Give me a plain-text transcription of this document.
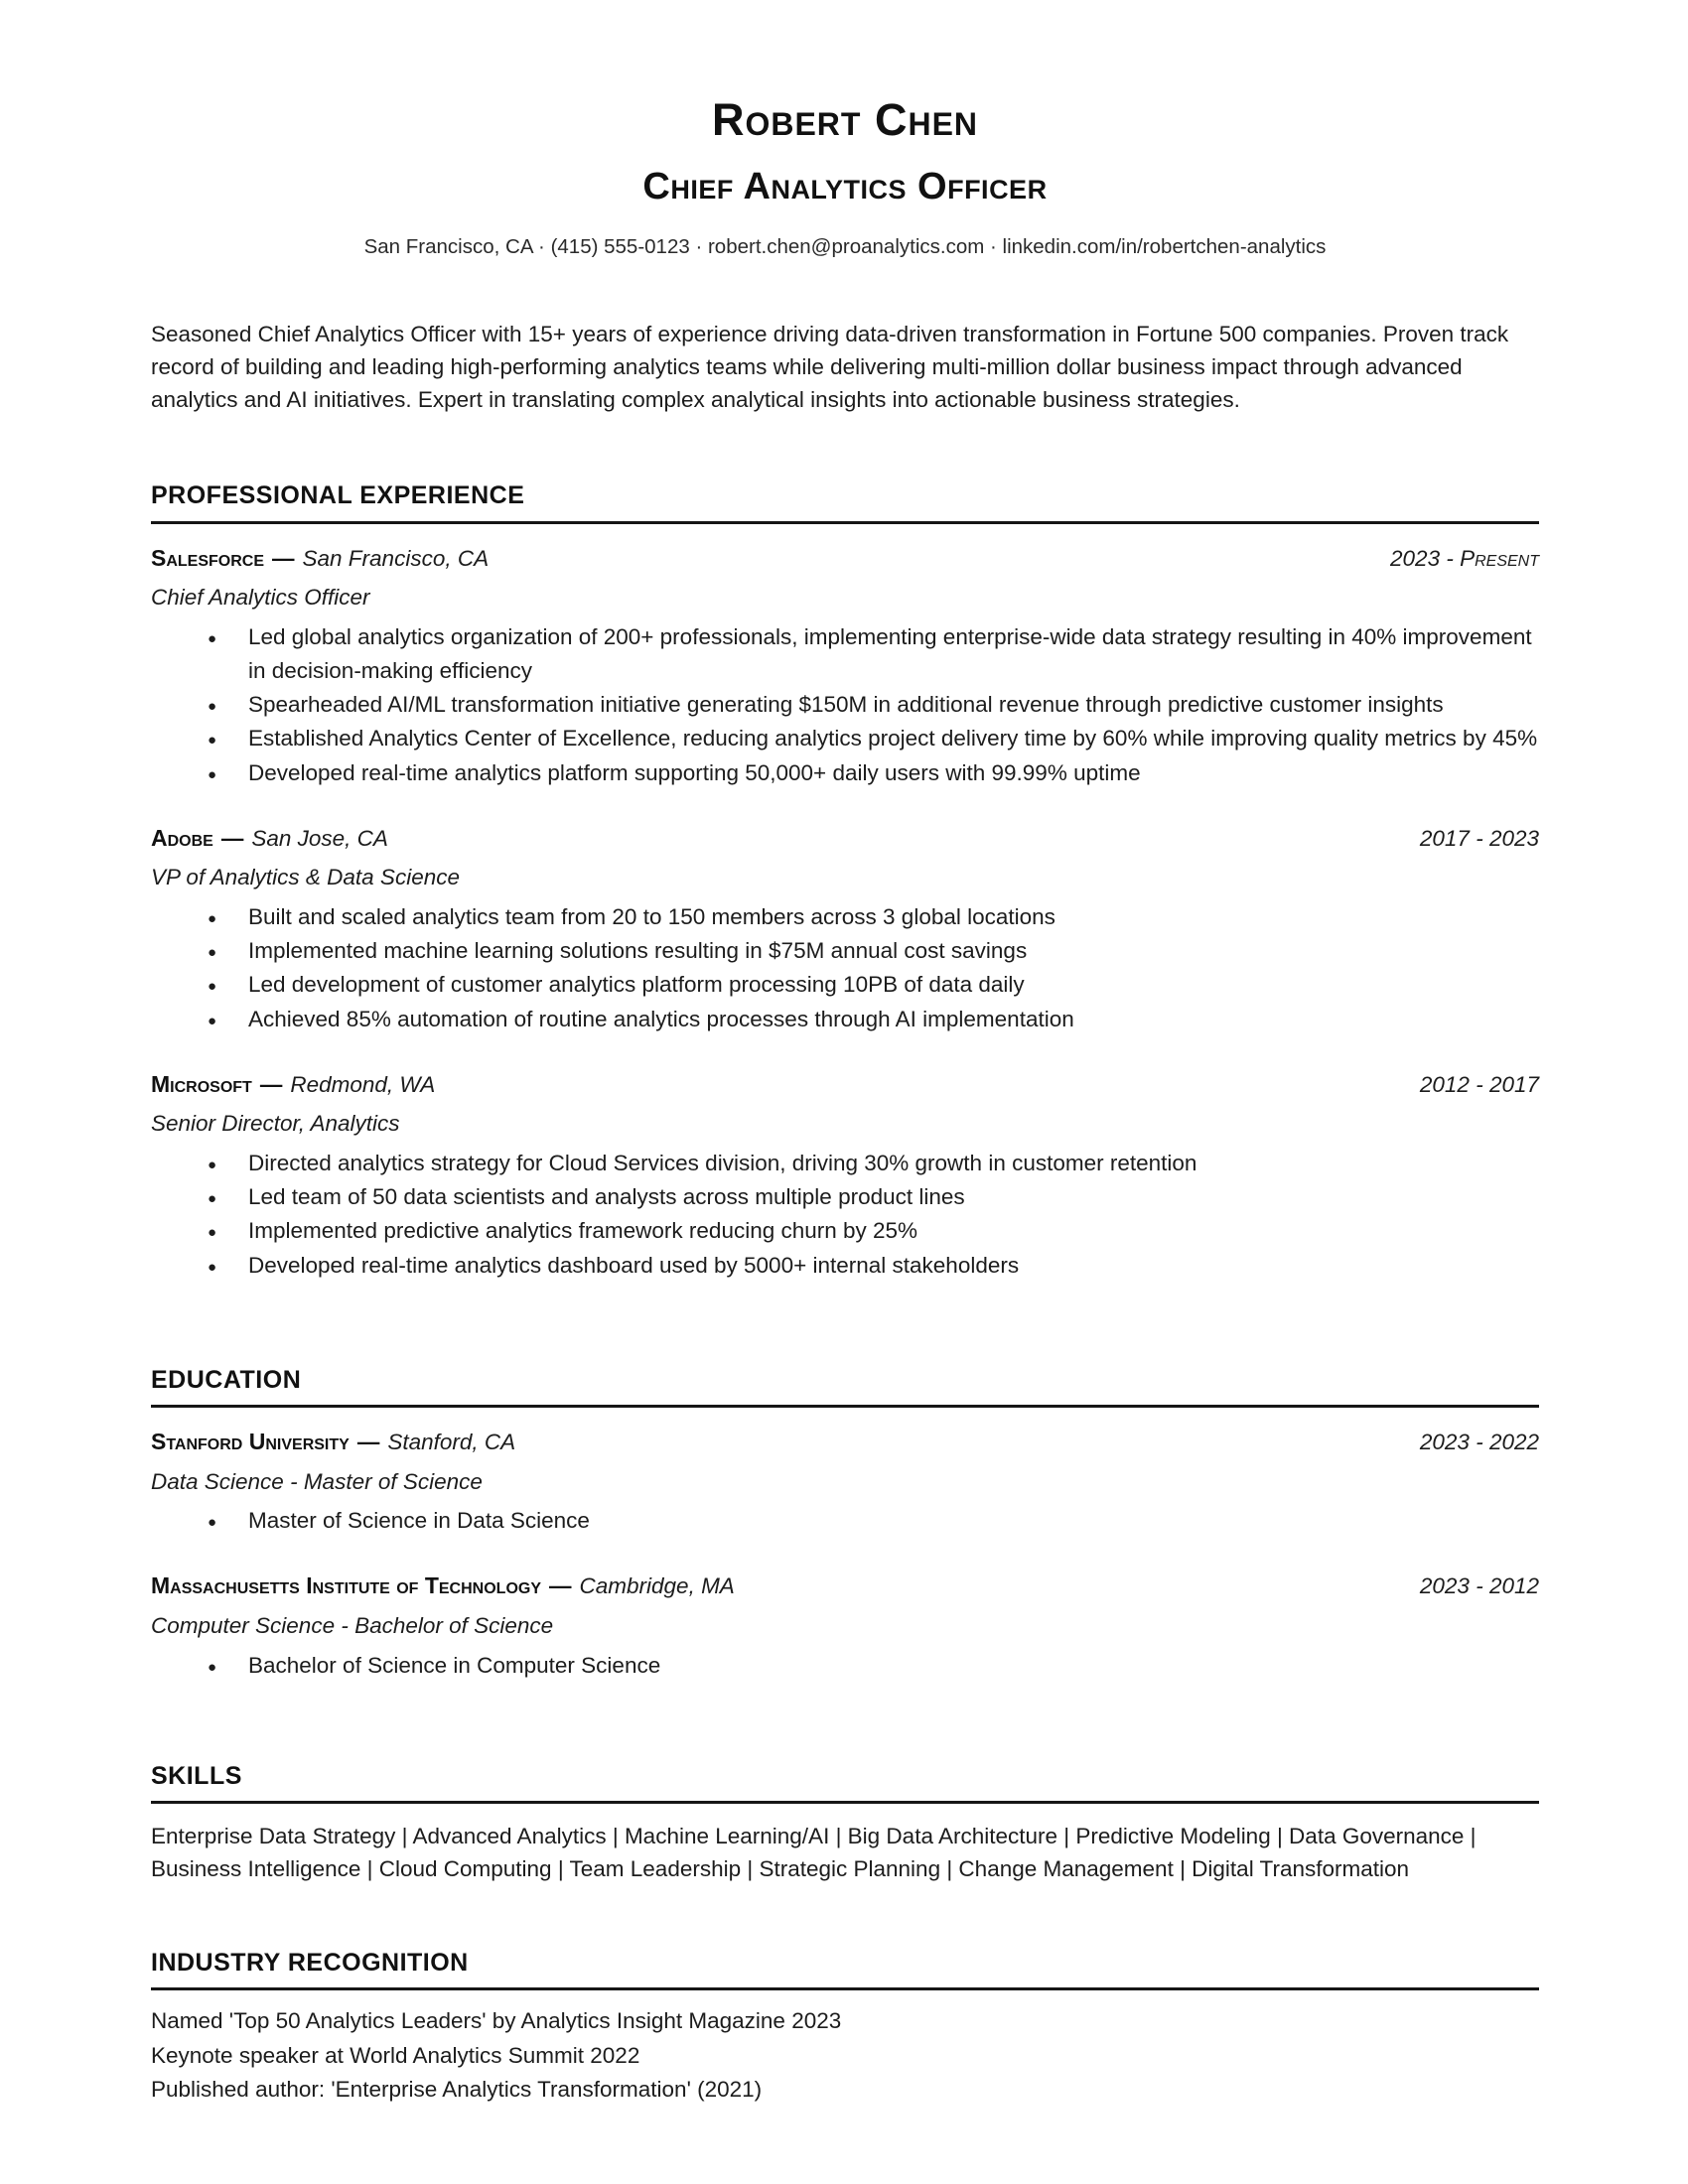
Robert Chen
Chief Analytics Officer

San Francisco, CA · (415) 555-0123 · robert.chen@proanalytics.com · linkedin.com/in/robertchen-analytics

Seasoned Chief Analytics Officer with 15+ years of experience driving data-driven transformation in Fortune 500 companies. Proven track record of building and leading high-performing analytics teams while delivering multi-million dollar business impact through advanced analytics and AI initiatives. Expert in translating complex analytical insights into actionable business strategies.

PROFESSIONAL EXPERIENCE
Salesforce — San Francisco, CA	2023 - Present
Chief Analytics Officer
● Led global analytics organization of 200+ professionals, implementing enterprise-wide data strategy resulting in 40% improvement in decision-making efficiency
● Spearheaded AI/ML transformation initiative generating $150M in additional revenue through predictive customer insights
● Established Analytics Center of Excellence, reducing analytics project delivery time by 60% while improving quality metrics by 45%
● Developed real-time analytics platform supporting 50,000+ daily users with 99.99% uptime
Adobe — San Jose, CA	2017 - 2023
VP of Analytics & Data Science
● Built and scaled analytics team from 20 to 150 members across 3 global locations
● Implemented machine learning solutions resulting in $75M annual cost savings
● Led development of customer analytics platform processing 10PB of data daily
● Achieved 85% automation of routine analytics processes through AI implementation
Microsoft — Redmond, WA	2012 - 2017
Senior Director, Analytics
● Directed analytics strategy for Cloud Services division, driving 30% growth in customer retention
● Led team of 50 data scientists and analysts across multiple product lines
● Implemented predictive analytics framework reducing churn by 25%
● Developed real-time analytics dashboard used by 5000+ internal stakeholders
EDUCATION
Stanford University — Stanford, CA	2023 - 2022
Data Science - Master of Science
● Master of Science in Data Science
Massachusetts Institute of Technology — Cambridge, MA	2023 - 2012
Computer Science - Bachelor of Science
● Bachelor of Science in Computer Science
SKILLS

Enterprise Data Strategy | Advanced Analytics | Machine Learning/AI | Big Data Architecture | Predictive Modeling | Data Governance | Business Intelligence | Cloud Computing | Team Leadership | Strategic Planning | Change Management | Digital Transformation

INDUSTRY RECOGNITION
Named 'Top 50 Analytics Leaders' by Analytics Insight Magazine 2023
Keynote speaker at World Analytics Summit 2022
Published author: 'Enterprise Analytics Transformation' (2021)
